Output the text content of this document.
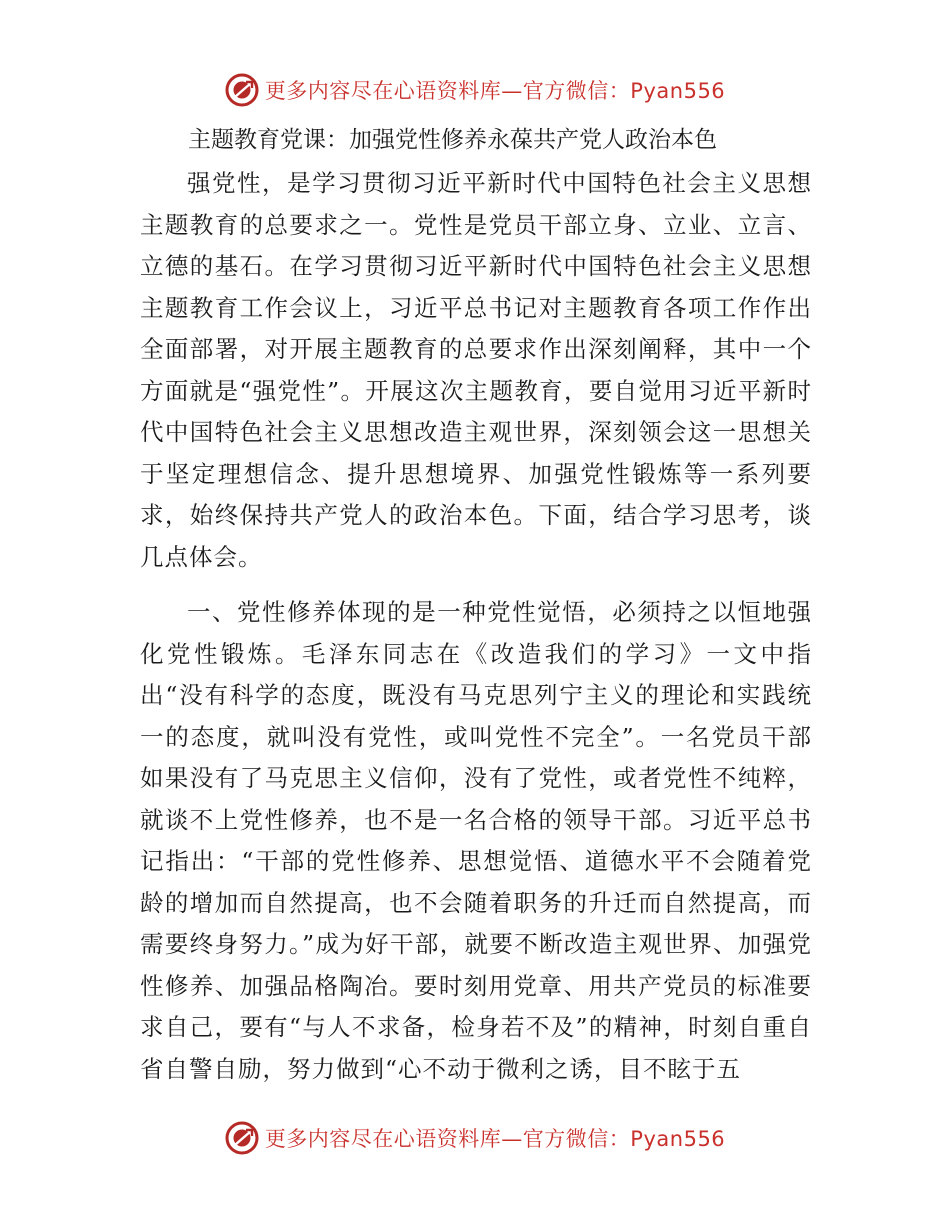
更多内容尽在心语资料库—官方微信：Pyan556
主题教育党课：加强党性修养永葆共产党人政治本色

强党性，是学习贯彻习近平新时代中国特色社会主义思想主题教育的总要求之一。党性是党员干部立身、立业、立言、立德的基石。在学习贯彻习近平新时代中国特色社会主义思想主题教育工作会议上，习近平总书记对主题教育各项工作作出全面部署，对开展主题教育的总要求作出深刻阐释，其中一个方面就是“强党性”。开展这次主题教育，要自觉用习近平新时代中国特色社会主义思想改造主观世界，深刻领会这一思想关于坚定理想信念、提升思想境界、加强党性锻炼等一系列要求，始终保持共产党人的政治本色。下面，结合学习思考，谈几点体会。

一、党性修养体现的是一种党性觉悟，必须持之以恒地强化党性锻炼。毛泽东同志在《改造我们的学习》一文中指出“没有科学的态度，既没有马克思列宁主义的理论和实践统一的态度，就叫没有党性，或叫党性不完全”。一名党员干部如果没有了马克思主义信仰，没有了党性，或者党性不纯粹，就谈不上党性修养，也不是一名合格的领导干部。习近平总书记指出：“干部的党性修养、思想觉悟、道德水平不会随着党龄的增加而自然提高，也不会随着职务的升迁而自然提高，而需要终身努力。”成为好干部，就要不断改造主观世界、加强党性修养、加强品格陶冶。要时刻用党章、用共产党员的标准要求自己，要有“与人不求备，检身若不及”的精神，时刻自重自省自警自励，努力做到“心不动于微利之诱，目不眩于五

更多内容尽在心语资料库—官方微信：Pyan556
